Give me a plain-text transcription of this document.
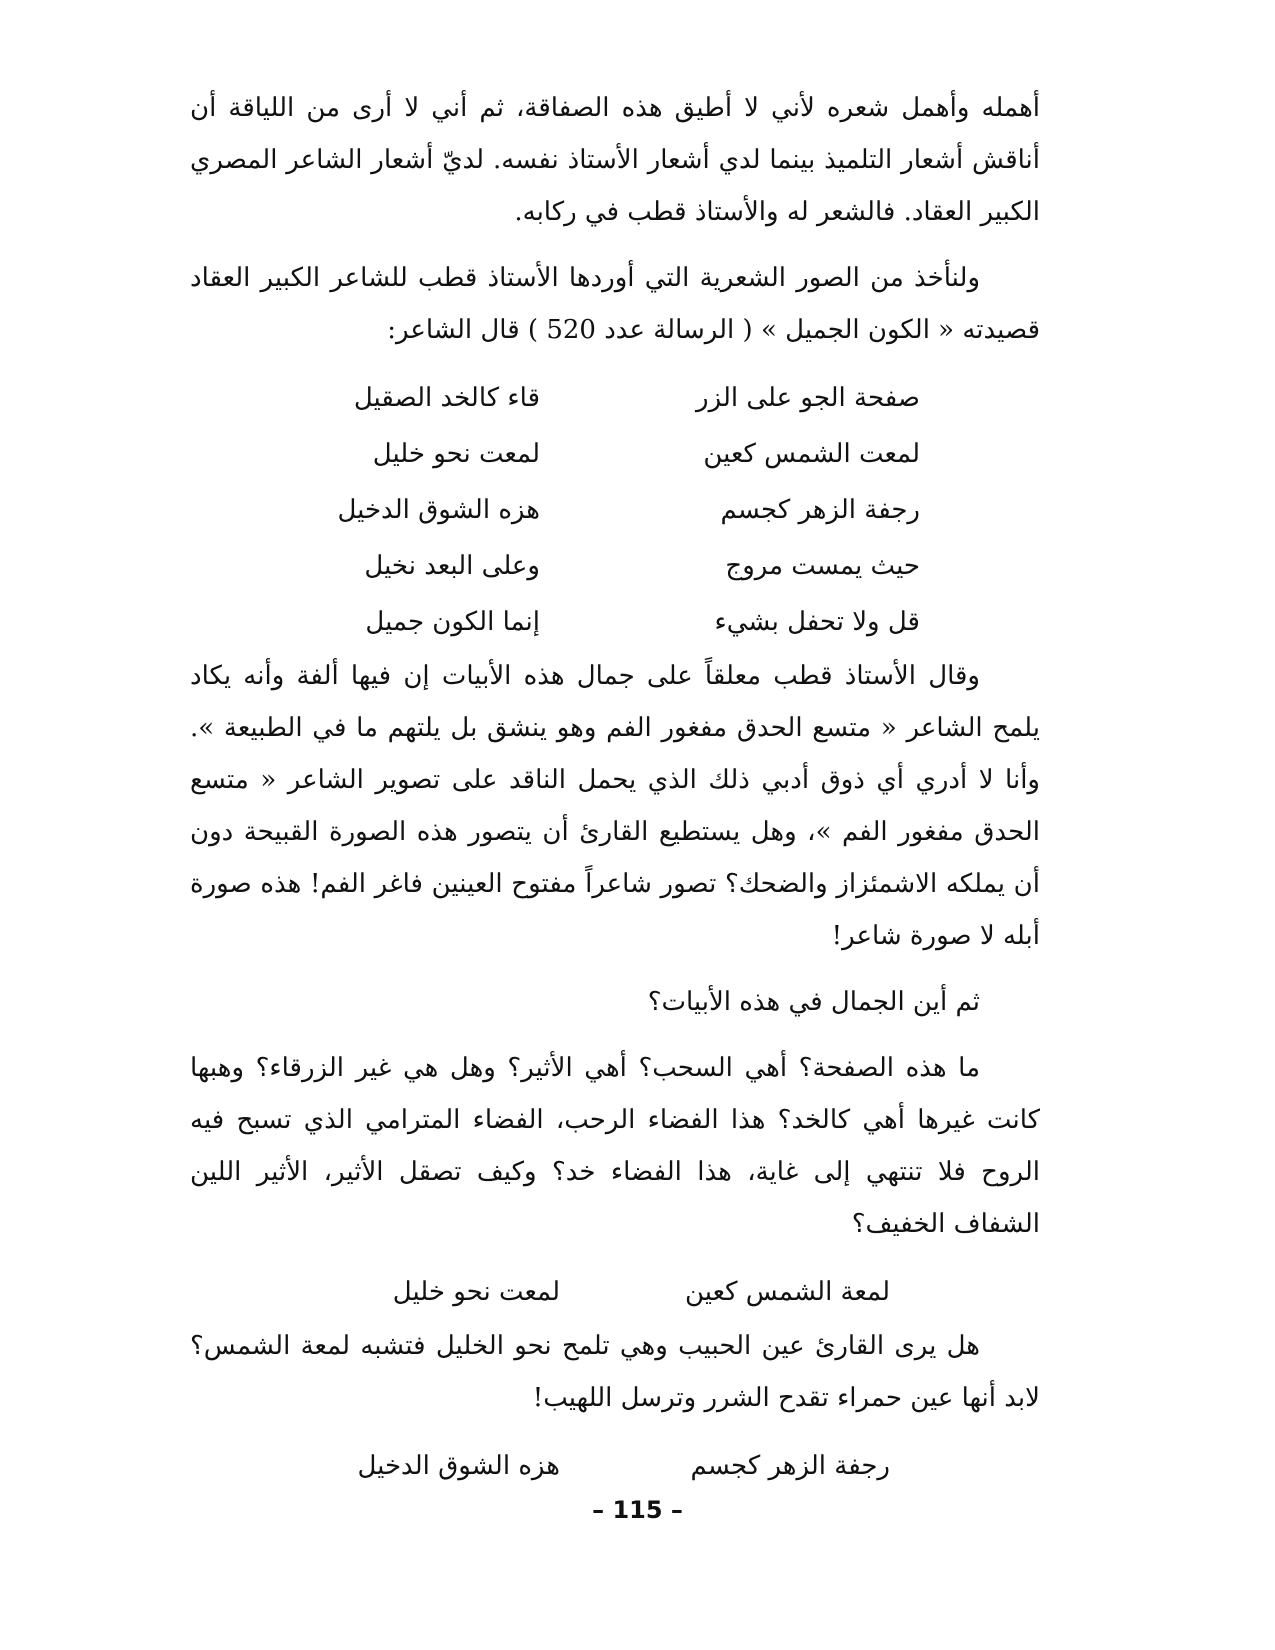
أهمله وأهمل شعره لأني لا أطيق هذه الصفاقة، ثم أني لا أرى من اللياقة أن أناقش أشعار التلميذ بينما لدي أشعار الأستاذ نفسه. لديّ أشعار الشاعر المصري الكبير العقاد. فالشعر له والأستاذ قطب في ركابه.

ولنأخذ من الصور الشعرية التي أوردها الأستاذ قطب للشاعر الكبير العقاد قصيدته « الكون الجميل » ( الرسالة عدد 520 ) قال الشاعر:

صفحة الجو على الزر
قاء كالخد الصقيل
لمعت الشمس كعين
لمعت نحو خليل
رجفة الزهر كجسم
هزه الشوق الدخيل
حيث يمست مروج
وعلى البعد نخيل
قل ولا تحفل بشيء
إنما الكون جميل

وقال الأستاذ قطب معلقاً على جمال هذه الأبيات إن فيها ألفة وأنه يكاد يلمح الشاعر « متسع الحدق مفغور الفم وهو ينشق بل يلتهم ما في الطبيعة ». وأنا لا أدري أي ذوق أدبي ذلك الذي يحمل الناقد على تصوير الشاعر « متسع الحدق مفغور الفم »، وهل يستطيع القارئ أن يتصور هذه الصورة القبيحة دون أن يملكه الاشمئزاز والضحك؟ تصور شاعراً مفتوح العينين فاغر الفم! هذه صورة أبله لا صورة شاعر!

ثم أين الجمال في هذه الأبيات؟

ما هذه الصفحة؟ أهي السحب؟ أهي الأثير؟ وهل هي غير الزرقاء؟ وهبها كانت غيرها أهي كالخد؟ هذا الفضاء الرحب، الفضاء المترامي الذي تسبح فيه الروح فلا تنتهي إلى غاية، هذا الفضاء خد؟ وكيف تصقل الأثير، الأثير اللين الشفاف الخفيف؟

لمعة الشمس كعين
لمعت نحو خليل

هل يرى القارئ عين الحبيب وهي تلمح نحو الخليل فتشبه لمعة الشمس؟ لابد أنها عين حمراء تقدح الشرر وترسل اللهيب!

رجفة الزهر كجسم
هزه الشوق الدخيل
– 115 –
